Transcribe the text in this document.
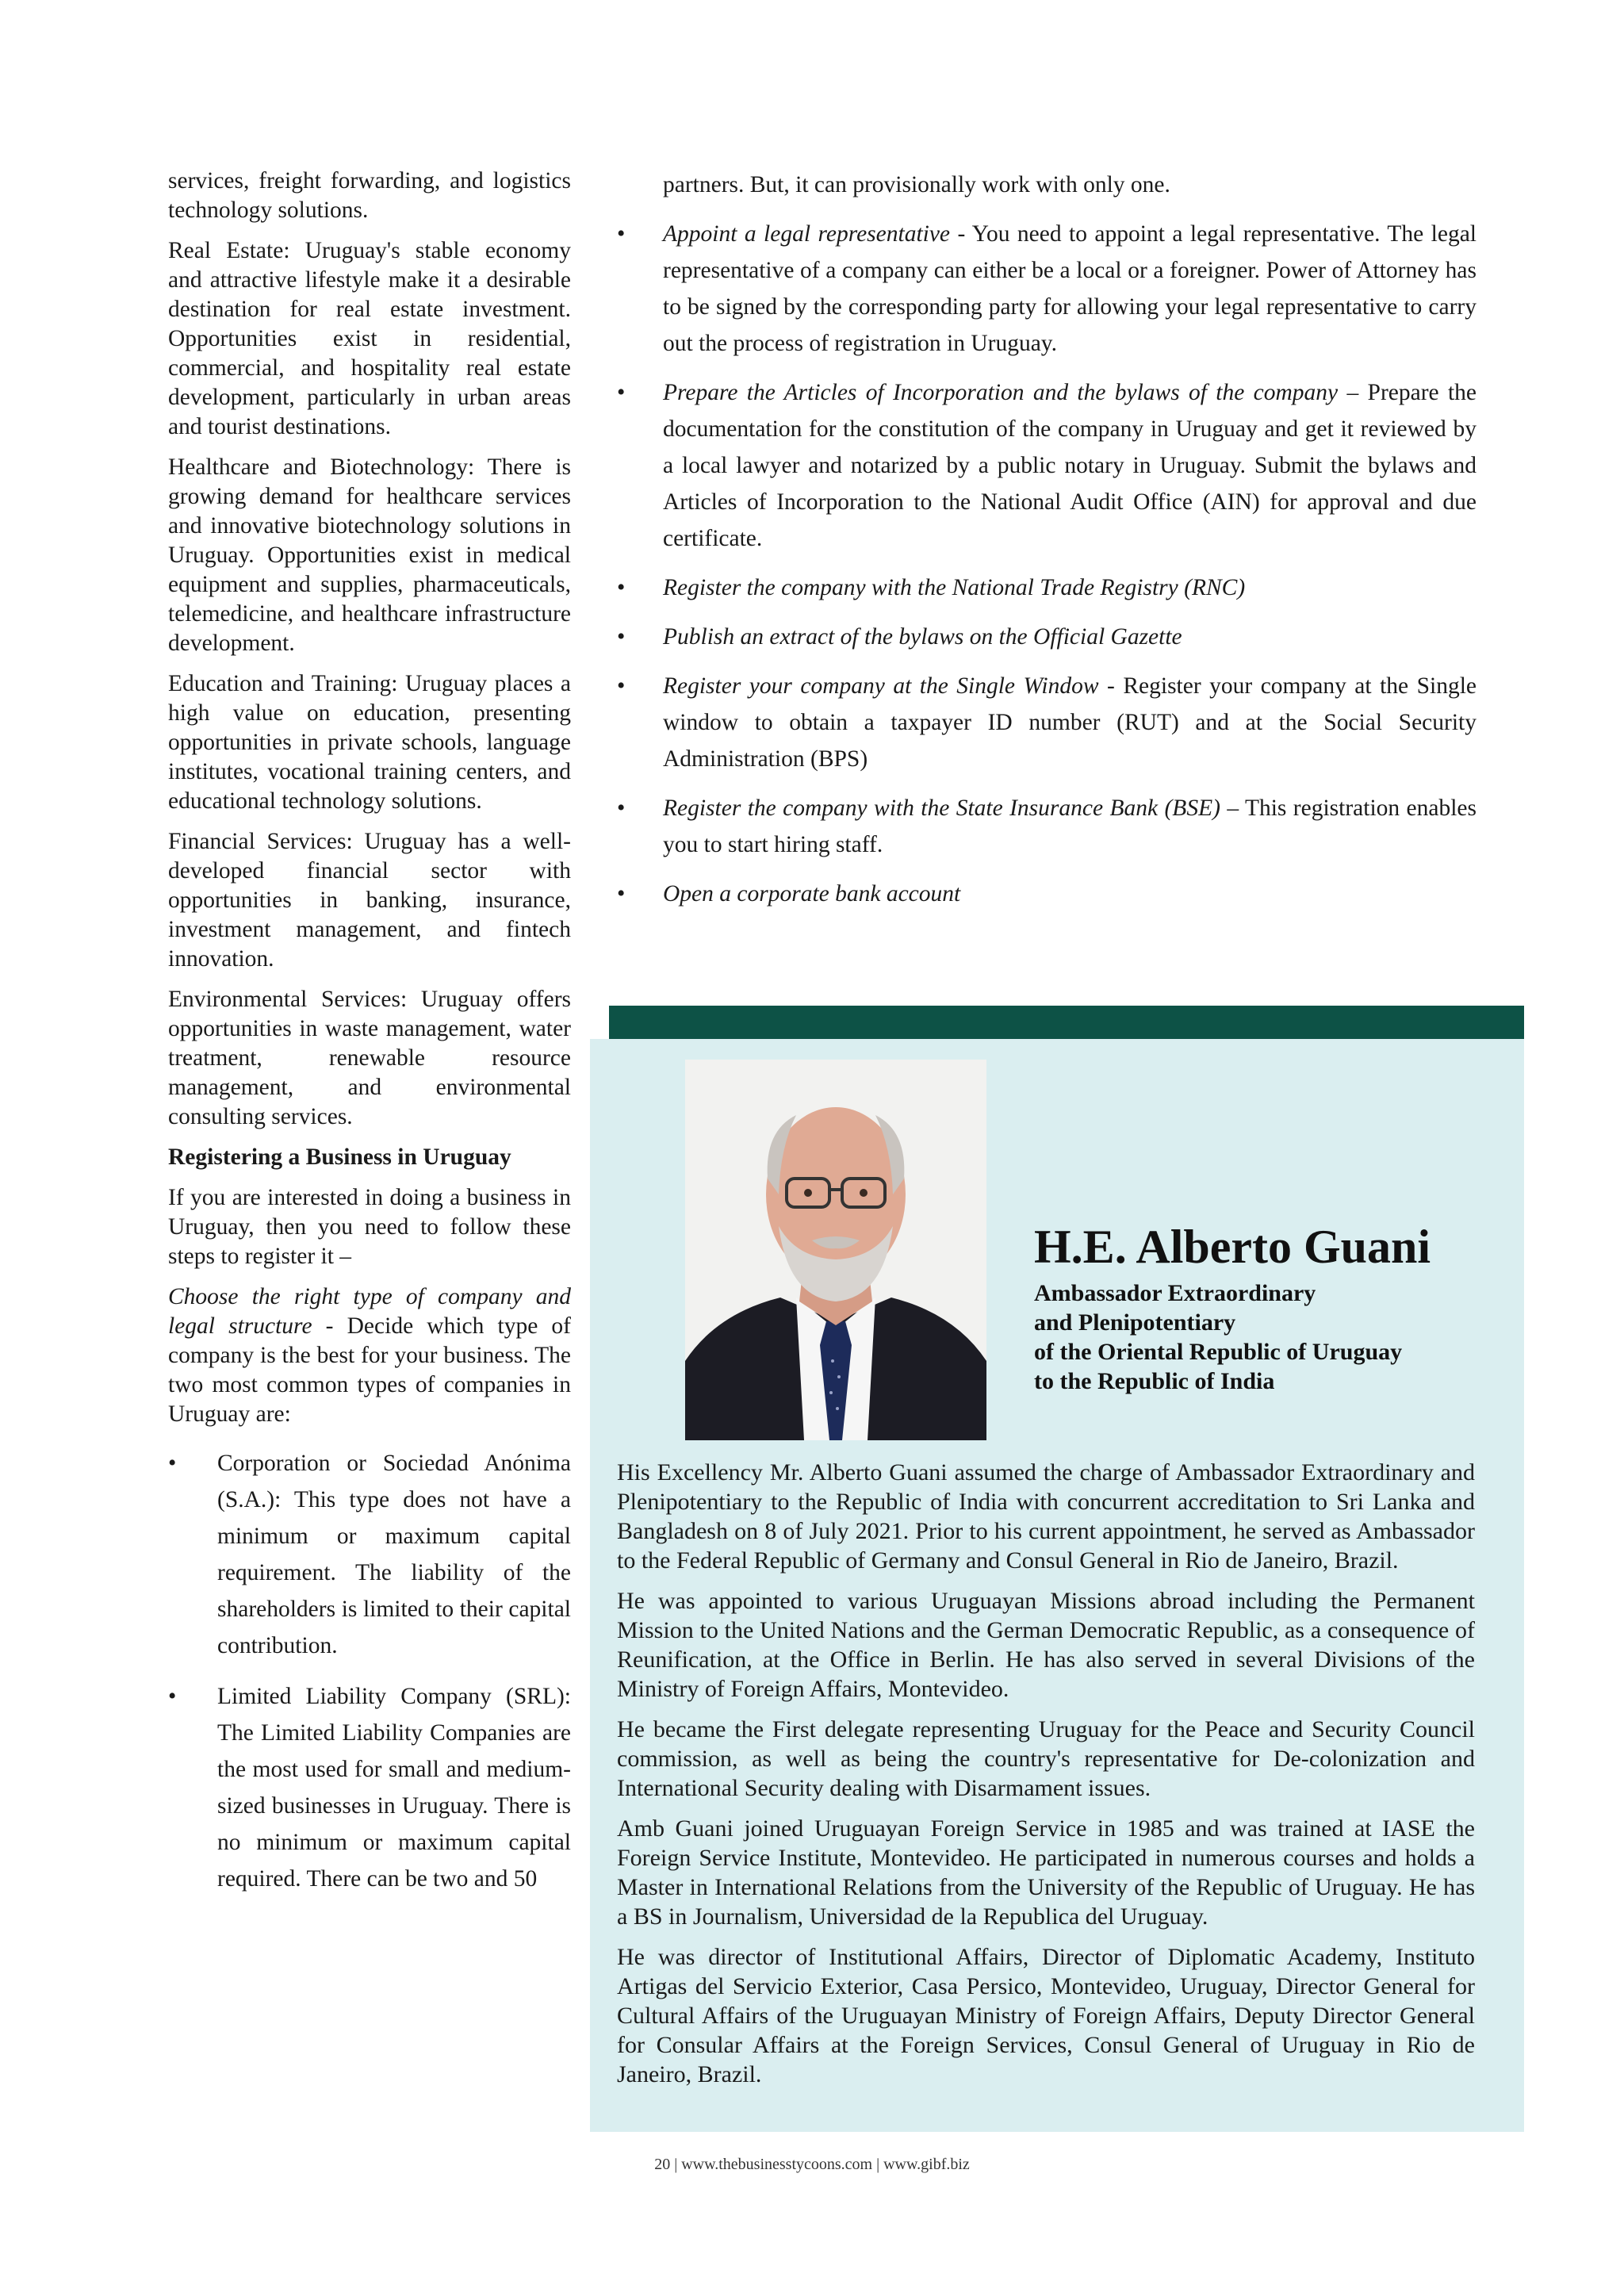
services, freight forwarding, and logistics technology solutions.

Real Estate: Uruguay's stable economy and attractive lifestyle make it a desirable destination for real estate investment. Opportunities exist in residential, commercial, and hospitality real estate development, particularly in urban areas and tourist destinations.

Healthcare and Biotechnology: There is growing demand for healthcare services and innovative biotechnology solutions in Uruguay. Opportunities exist in medical equipment and supplies, pharmaceuticals, telemedicine, and healthcare infrastructure development.

Education and Training: Uruguay places a high value on education, presenting opportunities in private schools, language institutes, vocational training centers, and educational technology solutions.

Financial Services: Uruguay has a well-developed financial sector with opportunities in banking, insurance, investment management, and fintech innovation.

Environmental Services: Uruguay offers opportunities in waste management, water treatment, renewable resource management, and environmental consulting services.

Registering a Business in Uruguay

If you are interested in doing a business in Uruguay, then you need to follow these steps to register it –

Choose the right type of company and legal structure - Decide which type of company is the best for your business. The two most common types of companies in Uruguay are:

• Corporation or Sociedad Anónima (S.A.): This type does not have a minimum or maximum capital requirement. The liability of the shareholders is limited to their capital contribution.
• Limited Liability Company (SRL): The Limited Liability Companies are the most used for small and medium-sized businesses in Uruguay. There is no minimum or maximum capital required. There can be two and 50

partners. But, it can provisionally work with only one.

• Appoint a legal representative - You need to appoint a legal representative. The legal representative of a company can either be a local or a foreigner. Power of Attorney has to be signed by the corresponding party for allowing your legal representative to carry out the process of registration in Uruguay.
• Prepare the Articles of Incorporation and the bylaws of the company – Prepare the documentation for the constitution of the company in Uruguay and get it reviewed by a local lawyer and notarized by a public notary in Uruguay. Submit the bylaws and Articles of Incorporation to the National Audit Office (AIN) for approval and due certificate.
• Register the company with the National Trade Registry (RNC)
• Publish an extract of the bylaws on the Official Gazette
• Register your company at the Single Window - Register your company at the Single window to obtain a taxpayer ID number (RUT) and at the Social Security Administration (BPS)
• Register the company with the State Insurance Bank (BSE) – This registration enables you to start hiring staff.
• Open a corporate bank account
H.E. Alberto Guani
Ambassador Extraordinary
and Plenipotentiary
of the Oriental Republic of Uruguay
to the Republic of India

His Excellency Mr. Alberto Guani assumed the charge of Ambassador Extraordinary and Plenipotentiary to the Republic of India with concurrent accreditation to Sri Lanka and Bangladesh on 8 of July 2021. Prior to his current appointment, he served as Ambassador to the Federal Republic of Germany and Consul General in Rio de Janeiro, Brazil.

He was appointed to various Uruguayan Missions abroad including the Permanent Mission to the United Nations and the German Democratic Republic, as a consequence of Reunification, at the Office in Berlin. He has also served in several Divisions of the Ministry of Foreign Affairs, Montevideo.

He became the First delegate representing Uruguay for the Peace and Security Council commission, as well as being the country's representative for De-colonization and International Security dealing with Disarmament issues.

Amb Guani joined Uruguayan Foreign Service in 1985 and was trained at IASE the Foreign Service Institute, Montevideo. He participated in numerous courses and holds a Master in International Relations from the University of the Republic of Uruguay. He has a BS in Journalism, Universidad de la Republica del Uruguay.

He was director of Institutional Affairs, Director of Diplomatic Academy, Instituto Artigas del Servicio Exterior, Casa Persico, Montevideo, Uruguay, Director General for Cultural Affairs of the Uruguayan Ministry of Foreign Affairs, Deputy Director General for Consular Affairs at the Foreign Services, Consul General of Uruguay in Rio de Janeiro, Brazil.

20 | www.thebusinesstycoons.com | www.gibf.biz
